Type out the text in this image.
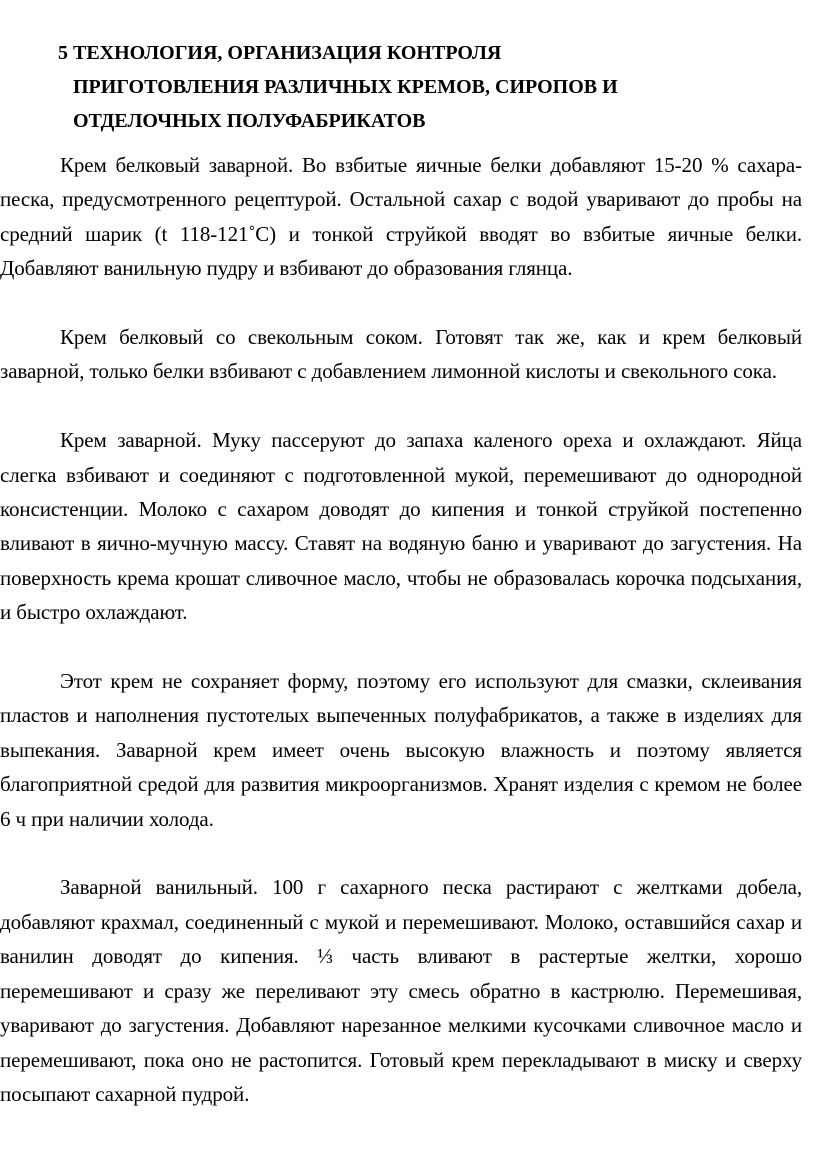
5 ТЕХНОЛОГИЯ, ОРГАНИЗАЦИЯ КОНТРОЛЯ
ПРИГОТОВЛЕНИЯ РАЗЛИЧНЫХ КРЕМОВ, СИРОПОВ И
ОТДЕЛОЧНЫХ ПОЛУФАБРИКАТОВ

Крем белковый заварной. Во взбитые яичные белки добавляют 15-20 % сахара-песка, предусмотренного рецептурой. Остальной сахар с водой уваривают до пробы на средний шарик (t 118-121˚C) и тонкой струйкой вводят во взбитые яичные белки. Добавляют ванильную пудру и взбивают до образования глянца.

Крем белковый со свекольным соком. Готовят так же, как и крем белковый заварной, только белки взбивают с добавлением лимонной кислоты и свекольного сока.

Крем заварной. Муку пассеруют до запаха каленого ореха и охлаждают. Яйца слегка взбивают и соединяют с подготовленной мукой, перемешивают до однородной консистенции. Молоко с сахаром доводят до кипения и тонкой струйкой постепенно вливают в яично-мучную массу. Ставят на водяную баню и уваривают до загустения. На поверхность крема крошат сливочное масло, чтобы не образовалась корочка подсыхания, и быстро охлаждают.

Этот крем не сохраняет форму, поэтому его используют для смазки, склеивания пластов и наполнения пустотелых выпеченных полуфабрикатов, а также в изделиях для выпекания. Заварной крем имеет очень высокую влажность и поэтому является благоприятной средой для развития микроорганизмов. Хранят изделия с кремом не более 6 ч при наличии холода.

Заварной ванильный. 100 г сахарного песка растирают с желтками добела, добавляют крахмал, соединенный с мукой и перемешивают. Молоко, оставшийся сахар и ванилин доводят до кипения. ⅓ часть вливают в растертые желтки, хорошо перемешивают и сразу же переливают эту смесь обратно в кастрюлю. Перемешивая, уваривают до загустения. Добавляют нарезанное мелкими кусочками сливочное масло и перемешивают, пока оно не растопится. Готовый крем перекладывают в миску и сверху посыпают сахарной пудрой.
